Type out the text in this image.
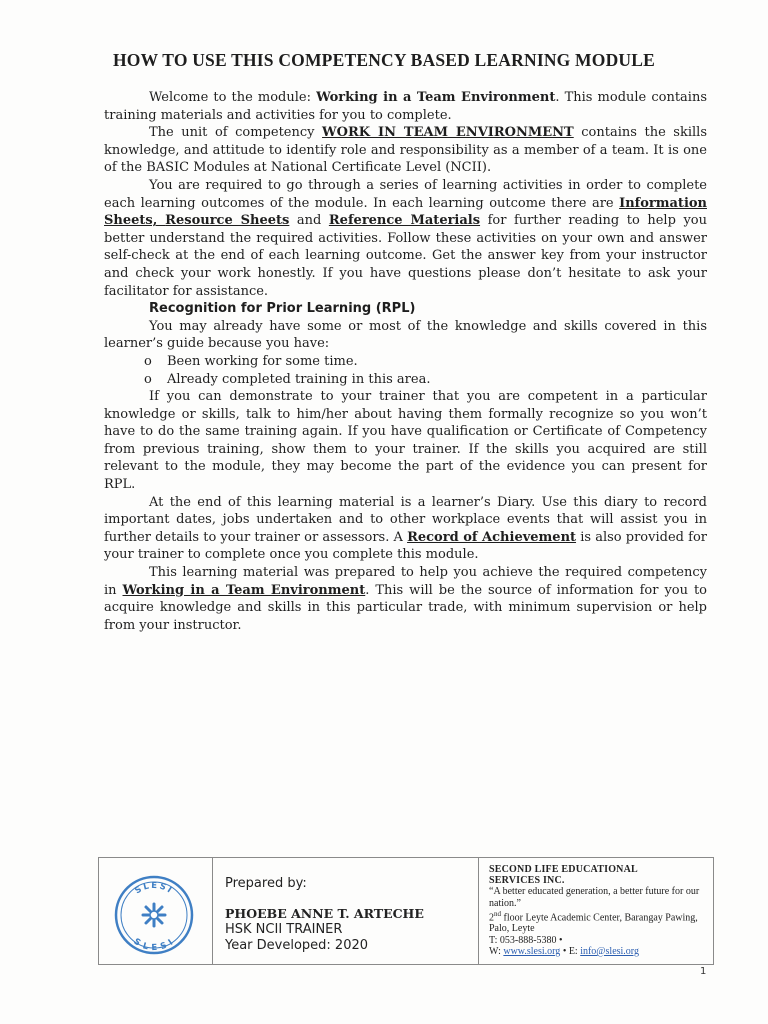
HOW TO USE THIS COMPETENCY BASED LEARNING MODULE

Welcome to the module: Working in a Team Environment. This module contains training materials and activities for you to complete.

The unit of competency WORK IN TEAM ENVIRONMENT contains the skills knowledge, and attitude to identify role and responsibility as a member of a team. It is one of the BASIC Modules at National Certificate Level (NCII).

You are required to go through a series of learning activities in order to complete each learning outcomes of the module. In each learning outcome there are Information Sheets, Resource Sheets and Reference Materials for further reading to help you better understand the required activities. Follow these activities on your own and answer self-check at the end of each learning outcome. Get the answer key from your instructor and check your work honestly. If you have questions please don’t hesitate to ask your facilitator for assistance.

Recognition for Prior Learning (RPL)

You may already have some or most of the knowledge and skills covered in this learner’s guide because you have:

o Been working for some time.
o Already completed training in this area.

If you can demonstrate to your trainer that you are competent in a particular knowledge or skills, talk to him/her about having them formally recognize so you won’t have to do the same training again. If you have qualification or Certificate of Competency from previous training, show them to your trainer. If the skills you acquired are still relevant to the module, they may become the part of the evidence you can present for RPL.

At the end of this learning material is a learner’s Diary. Use this diary to record important dates, jobs undertaken and to other workplace events that will assist you in further details to your trainer or assessors. A Record of Achievement is also provided for your trainer to complete once you complete this module.

This learning material was prepared to help you achieve the required competency in Working in a Team Environment. This will be the source of information for you to acquire knowledge and skills in this particular trade, with minimum supervision or help from your instructor.

SLESI
SLESI
Prepared by:
PHOEBE ANNE T. ARTECHE
HSK NCII TRAINER
Year Developed: 2020
SECOND LIFE EDUCATIONAL
SERVICES INC.
“A better educated generation, a better future for our nation.”
2nd floor Leyte Academic Center, Barangay Pawing, Palo, Leyte
T: 053-888-5380 •
W: www.slesi.org • E: info@slesi.org
1
